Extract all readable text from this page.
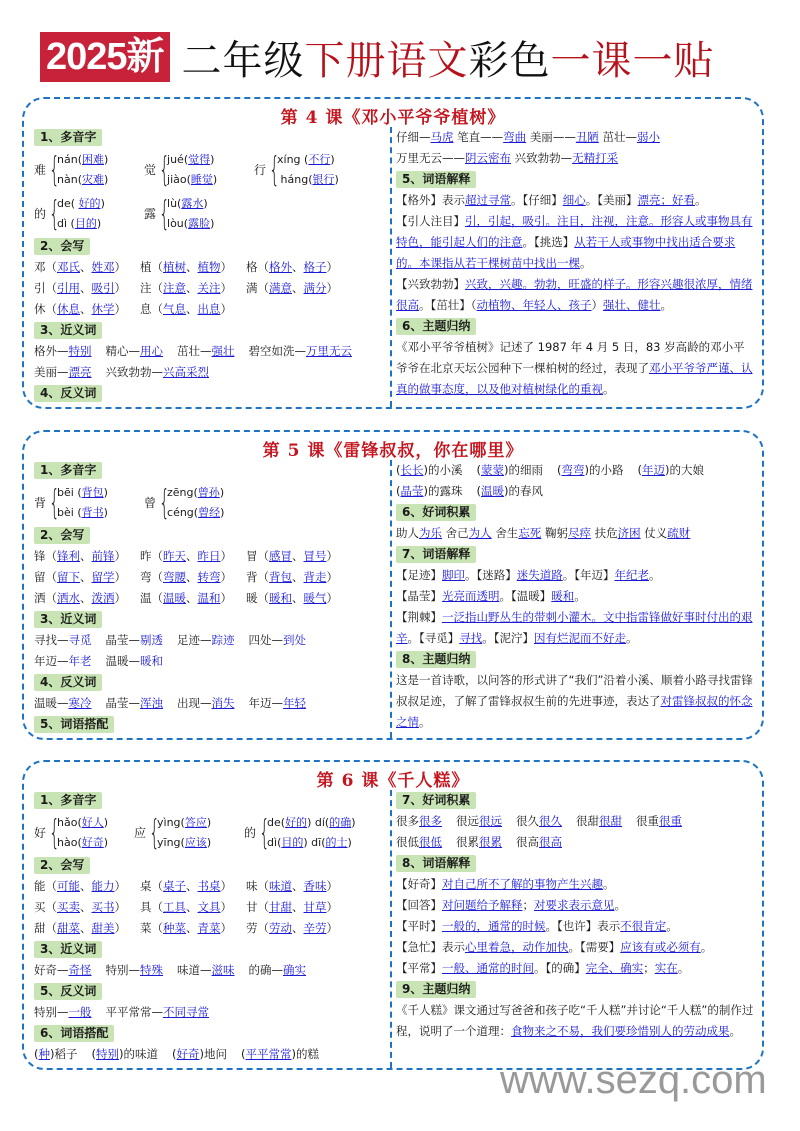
2025新 二年级下册语文彩色一课一贴
第 4 课《邓小平爷爷植树》
1、多音字
难 {
nán(困难)
nàn(灾难)
觉 {
jué(觉得)
jiào(睡觉)
行 {
xíng (不行)
háng(银行)
的 {
de( 好的)
dì (目的)
露 {
lù(露水)
lòu(露脸)
2、会写
邓（邓氏、姓邓） 植（植树、植物） 格（格外、格子）
引（引用、吸引） 注（注意、关注） 满（满意、满分）
休（休息、休学） 息（气息、出息）
3、近义词
格外—特别 精心—用心 茁壮—强壮 碧空如洗—万里无云
美丽—漂亮 兴致勃勃—兴高采烈
4、反义词
仔细—马虎 笔直——弯曲 美丽——丑陋 茁壮—弱小
万里无云——阴云密布 兴致勃勃—无精打采
5、词语解释
【格外】表示超过寻常。【仔细】细心。【美丽】漂亮；好看。
【引人注目】引，引起，吸引。注目，注视，注意。形容人或事物具有特色，能引起人们的注意。【挑选】从若干人或事物中找出适合要求的。本课指从若干棵树苗中找出一棵。
【兴致勃勃】兴致，兴趣。勃勃，旺盛的样子。形容兴趣很浓厚，情绪很高。【茁壮】（动植物、年轻人、孩子）强壮、健壮。
6、主题归纳
《邓小平爷爷植树》记述了 1987 年 4 月 5 日，83 岁高龄的邓小平爷爷在北京天坛公园种下一棵柏树的经过，表现了邓小平爷爷严谨、认真的做事态度，以及他对植树绿化的重视。
第 5 课《雷锋叔叔，你在哪里》
1、多音字
背 {
bēi (背包)
bèi (背书)
曾 {
zēng(曾孙)
céng(曾经)
2、会写
锋（锋利、前锋） 昨（昨天、昨日） 冒（感冒、冒号）
留（留下、留学） 弯（弯腰、转弯） 背（背包、背走）
洒（洒水、泼洒） 温（温暖、温和） 暖（暖和、暖气）
3、近义词
寻找—寻觅 晶莹—剔透 足迹—踪迹 四处—到处
年迈—年老 温暖—暖和
4、反义词
温暖—寒冷 晶莹—浑浊 出现—消失 年迈—年轻
5、词语搭配
(长长)的小溪 (蒙蒙)的细雨 (弯弯)的小路 (年迈)的大娘
(晶莹)的露珠 (温暖)的春风
6、好词积累
助人为乐 舍己为人 舍生忘死 鞠躬尽瘁 扶危济困 仗义疏财
7、词语解释
【足迹】脚印。【迷路】迷失道路。【年迈】年纪老。
【晶莹】光亮而透明。【温暖】暖和。
【荆棘】一泛指山野丛生的带刺小灌木。文中指雷锋做好事时付出的艰辛。【寻觅】寻找。【泥泞】因有烂泥而不好走。
8、主题归纳
这是一首诗歌，以问答的形式讲了“我们”沿着小溪、顺着小路寻找雷锋叔叔足迹，了解了雷锋叔叔生前的先进事迹，表达了对雷锋叔叔的怀念之情。
第 6 课《千人糕》
1、多音字
好 {
hǎo(好人)
hào(好奇)
应 {
yìng(答应)
yīng(应该)
的 {
de(好的) dí(的确)
dì(目的) dī(的士)
2、会写
能（可能、能力） 桌（桌子、书桌） 味（味道、香味）
买（买卖、买书） 具（工具、文具） 甘（甘甜、甘草）
甜（甜菜、甜美） 菜（种菜、青菜） 劳（劳动、辛劳）
3、近义词
好奇—奇怪 特别—特殊 味道—滋味 的确—确实
5、反义词
特别—一般 平平常常—不同寻常
6、词语搭配
(种)稻子 (特别)的味道 (好奇)地问 (平平常常)的糕
7、好词积累
很多很多 很远很远 很久很久 很甜很甜 很重很重
很低很低 很累很累 很高很高
8、词语解释
【好奇】对自己所不了解的事物产生兴趣。
【回答】对问题给予解释；对要求表示意见。
【平时】一般的，通常的时候。【也许】表示不很肯定。
【急忙】表示心里着急，动作加快。【需要】应该有或必须有。
【平常】一般、通常的时间。【的确】完全、确实；实在。
9、主题归纳
《千人糕》课文通过写爸爸和孩子吃“千人糕”并讨论“千人糕”的制作过程，说明了一个道理：食物来之不易，我们要珍惜别人的劳动成果。
www.sezq.com
